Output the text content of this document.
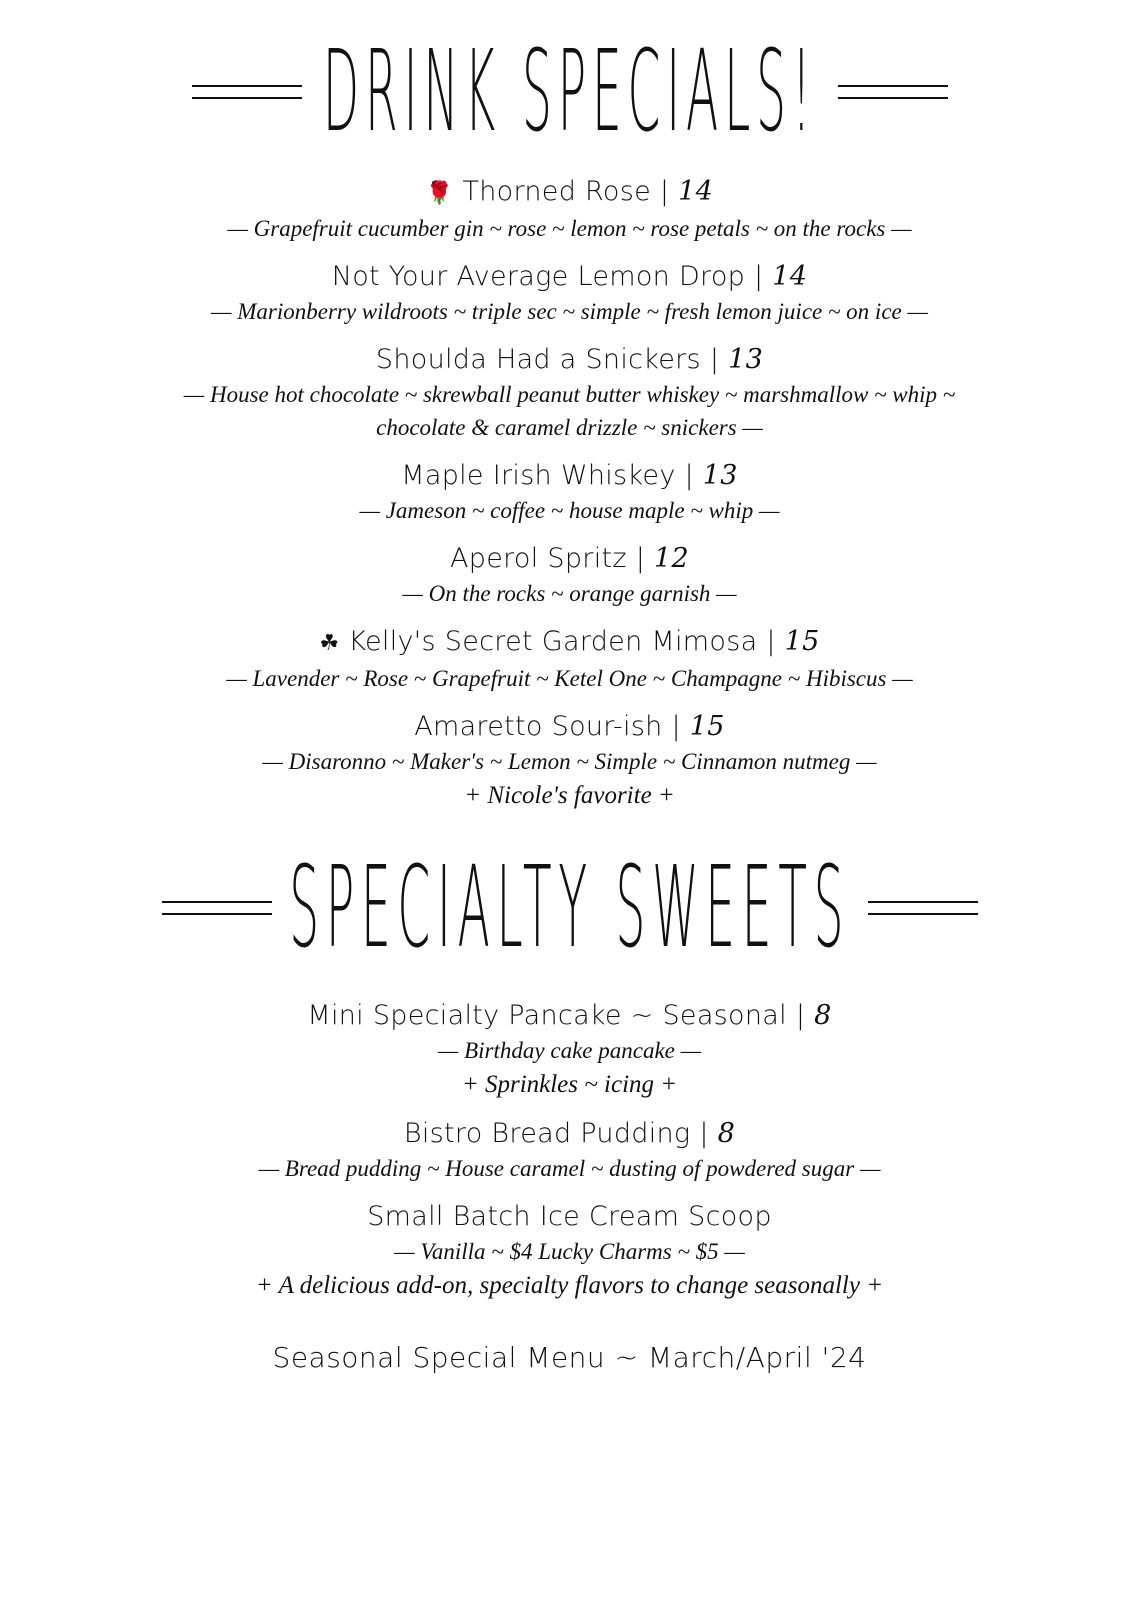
DRINK SPECIALS!
🌹 Thorned Rose | 14
— Grapefruit cucumber gin ~ rose ~ lemon ~ rose petals ~ on the rocks —
Not Your Average Lemon Drop | 14
— Marionberry wildroots ~ triple sec ~ simple ~ fresh lemon juice ~ on ice —
Shoulda Had a Snickers | 13
— House hot chocolate ~ skrewball peanut butter whiskey ~ marshmallow ~ whip ~
chocolate & caramel drizzle ~ snickers —
Maple Irish Whiskey | 13
— Jameson ~ coffee ~ house maple ~ whip —
Aperol Spritz | 12
— On the rocks ~ orange garnish —
☘ Kelly's Secret Garden Mimosa | 15
— Lavender ~ Rose ~ Grapefruit ~ Ketel One ~ Champagne ~ Hibiscus —
Amaretto Sour-ish | 15
— Disaronno ~ Maker's ~ Lemon ~ Simple ~ Cinnamon nutmeg —
+ Nicole's favorite +
SPECIALTY SWEETS
Mini Specialty Pancake ~ Seasonal | 8
— Birthday cake pancake —
+ Sprinkles ~ icing +
Bistro Bread Pudding | 8
— Bread pudding ~ House caramel ~ dusting of powdered sugar —
Small Batch Ice Cream Scoop
— Vanilla ~ $4 Lucky Charms ~ $5 —
+ A delicious add-on, specialty flavors to change seasonally +
Seasonal Special Menu ~ March/April '24
